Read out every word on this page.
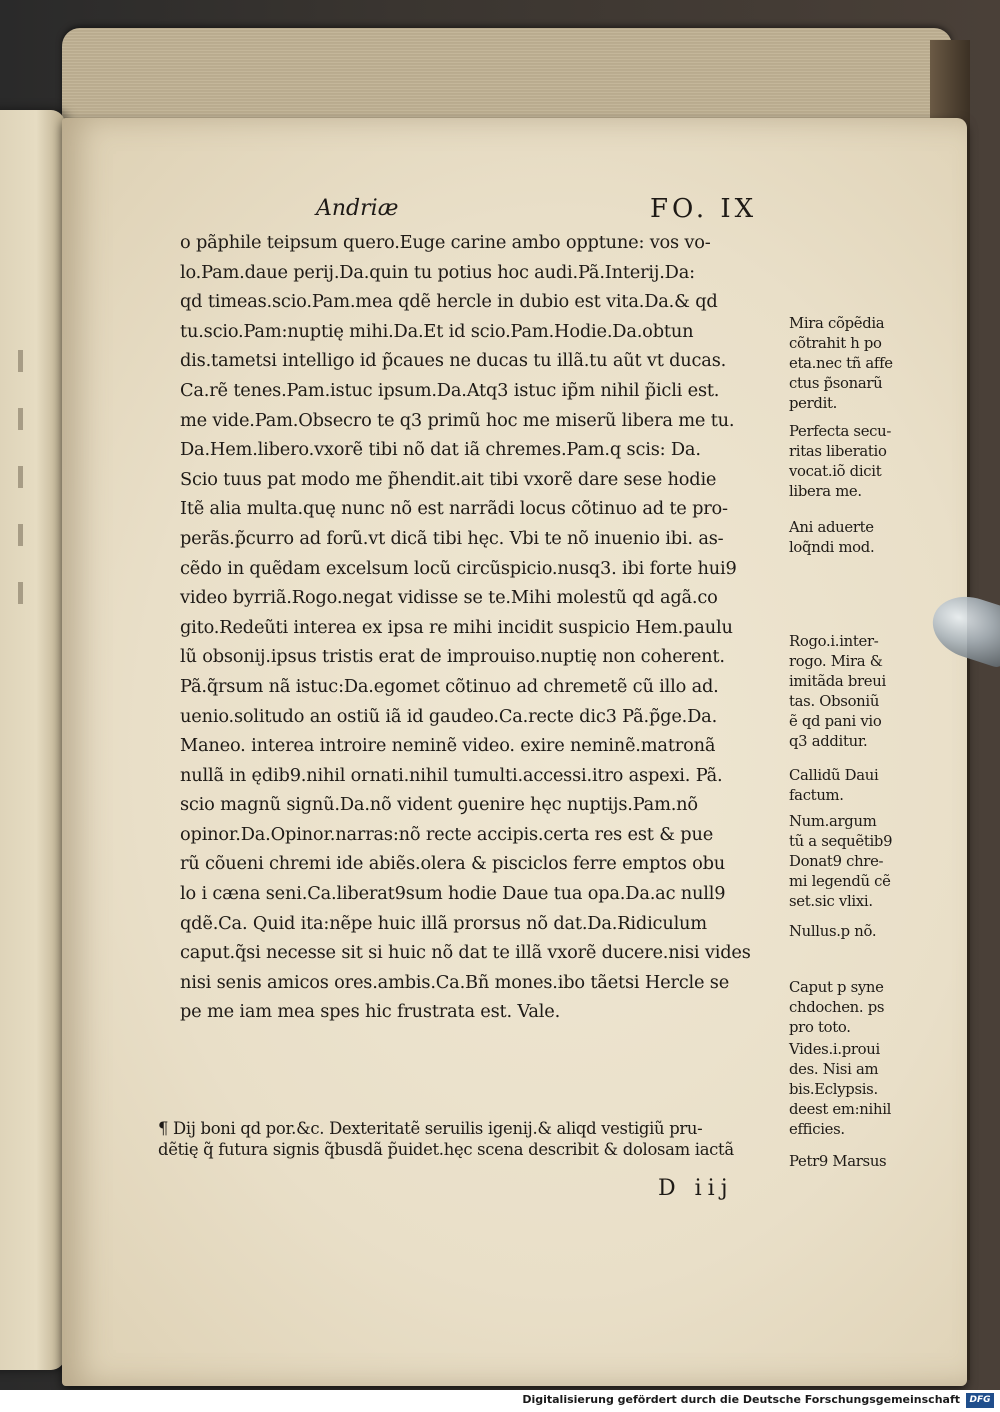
Andriæ	FO. IX
o pãphile teipsum quero.Euge carine ambo opptune: vos vo-
lo.Pam.daue perij.Da.quin tu potius hoc audi.Pã.Interij.Da:
qd timeas.scio.Pam.mea qdẽ hercle in dubio est vita.Da.& qd
tu.scio.Pam:nuptię mihi.Da.Et id scio.Pam.Hodie.Da.obtun
dis.tametsi intelligo id p̃caues ne ducas tu illã.tu aũt vt ducas.
Ca.rẽ tenes.Pam.istuc ipsum.Da.Atq3 istuc ip̃m nihil p̃icli est.
me vide.Pam.Obsecro te q3 primũ hoc me miserũ libera me tu.
Da.Hem.libero.vxorẽ tibi nõ dat iã chremes.Pam.q scis: Da.
Scio tuus pat modo me p̃hendit.ait tibi vxorẽ dare sese hodie
Itẽ alia multa.quę nunc nõ est narrãdi locus cõtinuo ad te pro-
perãs.p̃curro ad forũ.vt dicã tibi hęc. Vbi te nõ inuenio ibi. as-
cẽdo in quẽdam excelsum locũ circũspicio.nusq3. ibi forte hui9
video byrriã.Rogo.negat vidisse se te.Mihi molestũ qd agã.co
gito.Redeũti interea ex ipsa re mihi incidit suspicio Hem.paulu
lũ obsonij.ipsus tristis erat de improuiso.nuptię non coherent.
Pã.q̃rsum nã istuc:Da.egomet cõtinuo ad chremetẽ cũ illo ad.
uenio.solitudo an ostiũ iã id gaudeo.Ca.recte dic3 Pã.p̃ge.Da.
Maneo. interea introire neminẽ video. exire neminẽ.matronã
nullã in ędib9.nihil ornati.nihil tumulti.accessi.itro aspexi. Pã.
scio magnũ signũ.Da.nõ vident ꝯuenire hęc nuptijs.Pam.nõ
opinor.Da.Opinor.narras:nõ recte accipis.certa res est & pue
rũ cõueni chremi ide abiẽs.olera & pisciclos ferre emptos obu
lo i cæna seni.Ca.liberat9sum hodie Daue tua opa.Da.ac null9
qdẽ.Ca. Quid ita:nẽpe huic illã prorsus nõ dat.Da.Ridiculum
caput.q̃si necesse sit si huic nõ dat te illã vxorẽ ducere.nisi vides
nisi senis amicos ores.ambis.Ca.Bñ mones.ibo tãetsi Hercle se
pe me iam mea spes hic frustrata est. Vale.
¶ Dij boni qd por.&c. Dexteritatẽ seruilis igenij.& aliqd vestigiũ pru-
dẽtię q̃ futura signis q̃busdã p̃uidet.hęc scena describit & dolosam iactã
D iij
Mira cõpẽdia
cõtrahit h po
eta.nec tñ affe
ctus p̃sonarũ
perdit.
Perfecta secu-
ritas liberatio
vocat.iõ dicit
libera me.
Ani aduerte
loq̃ndi mod.
Rogo.i.inter-
rogo. Mira &
imitãda breui
tas. Obsoniũ
ẽ qd pani vio
q3 additur.
Callidũ Daui
factum.
Num.argum
tũ a sequẽtib9
Donat9 chre-
mi legendũ cẽ
set.sic vlixi.
Nullus.p nõ.
Caput p syne
chdochen. ps
pro toto.
Vides.i.proui
des. Nisi am
bis.Eclypsis.
deest em:nihil
efficies.
Petr9 Marsus
Digitalisierung gefördert durch die Deutsche Forschungsgemeinschaft	DFG
